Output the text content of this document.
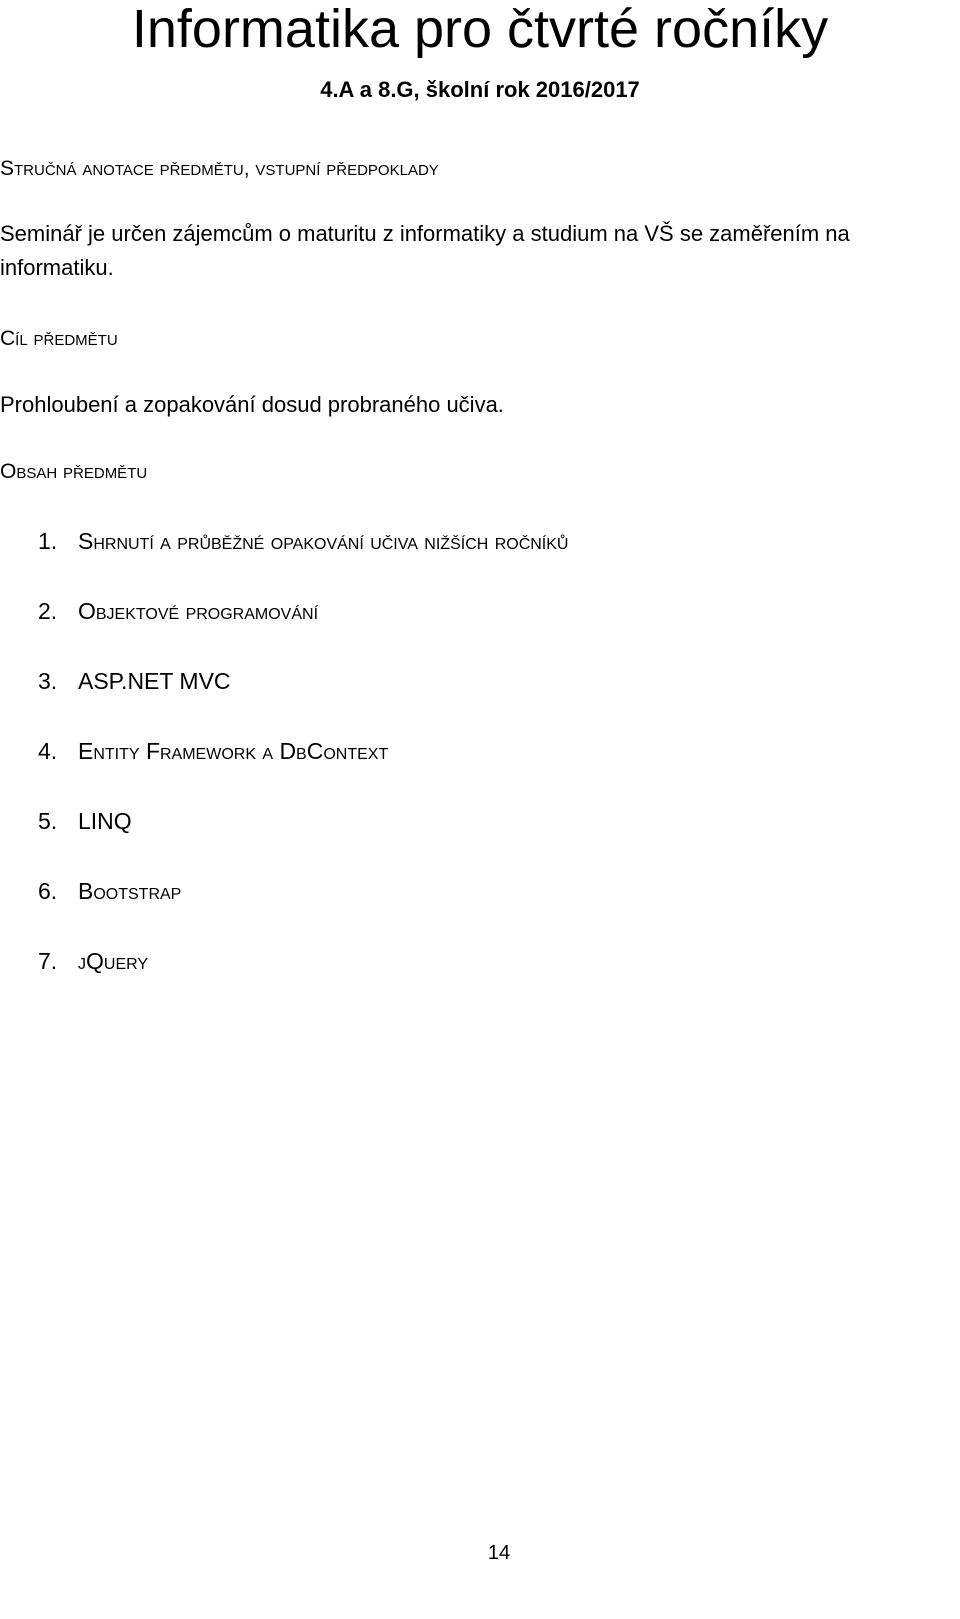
Informatika pro čtvrté ročníky
4.A a 8.G, školní rok 2016/2017
Stručná anotace předmětu, vstupní předpoklady

Seminář je určen zájemcům o maturitu z informatiky a studium na VŠ se zaměřením na informatiku.

Cíl předmětu

Prohloubení a zopakování dosud probraného učiva.

Obsah předmětu
1. Shrnutí a průběžné opakování učiva nižších ročníků
2. Objektové programování
3. ASP.NET MVC
4. Entity Framework a DbContext
5. LINQ
6. Bootstrap
7. jQuery
14
